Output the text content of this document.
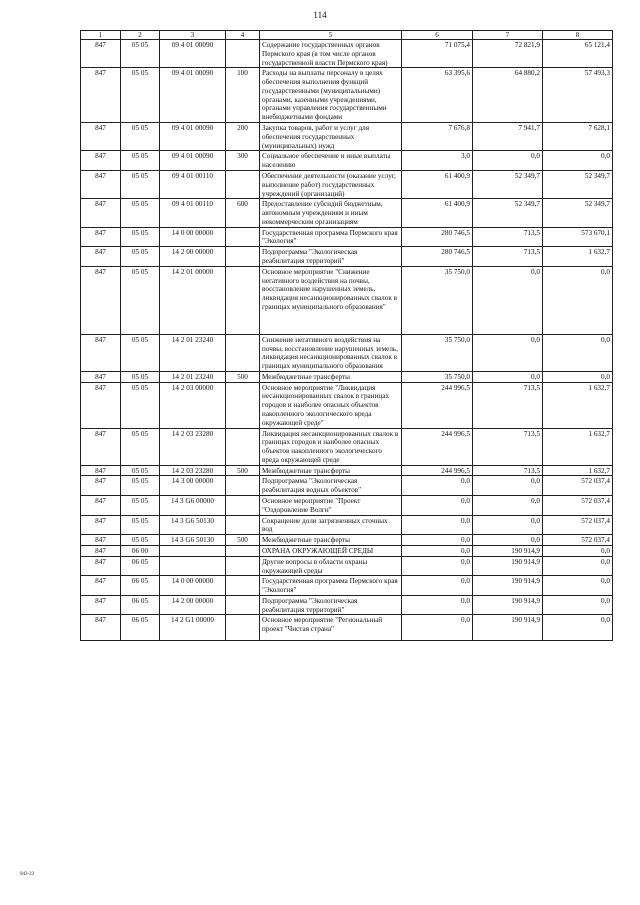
114
1	2	3	4	5	6	7	8
847	05 05	09 4 01 00090		Содержание государственных органов Пермского края (в том числе органов государственной власти Пермского края)	71 075,4	72 821,9	65 121,4
847	05 05	09 4 01 00090	100	Расходы на выплаты персоналу в целях обеспечения выполнения функций государственными (муниципальными) органами, казенными учреждениями, органами управления государственными внебюджетными фондами	63 395,6	64 880,2	57 493,3
847	05 05	09 4 01 00090	200	Закупка товаров, работ и услуг для обеспечения государственных (муниципальных) нужд	7 676,8	7 941,7	7 628,1
847	05 05	09 4 01 00090	300	Социальное обеспечение и иные выплаты населению	3,0	0,0	0,0
847	05 05	09 4 01 00110		Обеспечение деятельности (оказание услуг, выполнение работ) государственных учреждений (организаций)	61 400,9	52 349,7	52 349,7
847	05 05	09 4 01 00110	600	Предоставление субсидий бюджетным, автономным учреждениям и иным некоммерческим организациям	61 400,9	52 349,7	52 349,7
847	05 05	14 0 00 00000		Государственная программа Пермского края "Экология"	280 746,5	713,5	573 670,1
847	05 05	14 2 00 00000		Подпрограмма "Экологическая реабилитация территорий"	280 746,5	713,5	1 632,7
847	05 05	14 2 01 00000		Основное мероприятие "Снижение негативного воздействия на почвы, восстановление нарушенных земель, ликвидация несанкционированных свалок в границах муниципального образования"	35 750,0	0,0	0,0
847	05 05	14 2 01 23240		Снижение негативного воздействия на почвы, восстановление нарушенных земель, ликвидация несанкционированных свалок в границах муниципального образования	35 750,0	0,0	0,0
847	05 05	14 2 01 23240	500	Межбюджетные трансферты	35 750,0	0,0	0,0
847	05 05	14 2 03 00000		Основное мероприятие "Ликвидация несанкционированных свалок в границах городов и наиболее опасных объектов накопленного экологического вреда окружающей среде"	244 996,5	713,5	1 632,7
847	05 05	14 2 03 23280		Ликвидация несанкционированных свалок в границах городов и наиболее опасных объектов накопленного экологического вреда окружающей среде	244 996,5	713,5	1 632,7
847	05 05	14 2 03 23280	500	Межбюджетные трансферты	244 996,5	713,5	1 632,7
847	05 05	14 3 00 00000		Подпрограмма "Экологическая реабилитация водных объектов"	0,0	0,0	572 037,4
847	05 05	14 3 G6 00000		Основное мероприятие "Проект "Оздоровление Волги"	0,0	0,0	572 037,4
847	05 05	14 3 G6 50130		Сокращение доли загрязненных сточных вод	0,0	0,0	572 037,4
847	05 05	14 3 G6 50130	500	Межбюджетные трансферты	0,0	0,0	572 037,4
847	06 00			ОХРАНА ОКРУЖАЮЩЕЙ СРЕДЫ	0,0	190 914,9	0,0
847	06 05			Другие вопросы в области охраны окружающей среды	0,0	190 914,9	0,0
847	06 05	14 0 00 00000		Государственная программа Пермского края "Экология"	0,0	190 914,9	0,0
847	06 05	14 2 00 00000		Подпрограмма "Экологическая реабилитация территорий"	0,0	190 914,9	0,0
847	06 05	14 2 G1 00000		Основное мероприятие "Региональный проект "Чистая страна"	0,0	190 914,9	0,0
943-23
